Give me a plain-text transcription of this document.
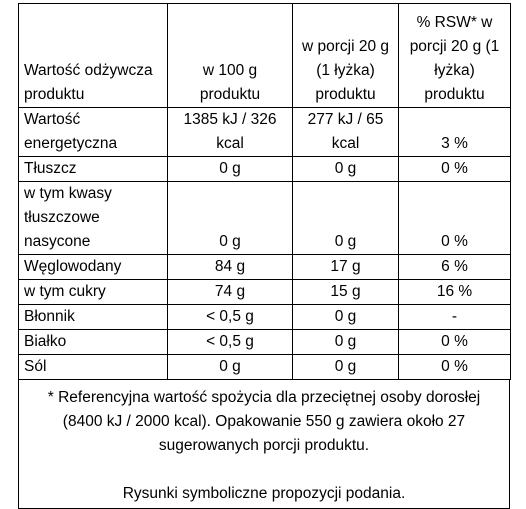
Wartość odżywcza produktu	w 100 g produktu	w porcji 20 g (1 łyżka) produktu	% RSW* w porcji 20 g (1 łyżka) produktu
Wartość energetyczna	1385 kJ / 326 kcal	277 kJ / 65 kcal	3 %
Tłuszcz	0 g	0 g	0 %
w tym kwasy tłuszczowe nasycone	0 g	0 g	0 %
Węglowodany	84 g	17 g	6 %
w tym cukry	74 g	15 g	16 %
Błonnik	< 0,5 g	0 g	-
Białko	< 0,5 g	0 g	0 %
Sól	0 g	0 g	0 %

* Referencyjna wartość spożycia dla przeciętnej osoby dorosłej (8400 kJ / 2000 kcal). Opakowanie 550 g zawiera około 27 sugerowanych porcji produktu.

Rysunki symboliczne propozycji podania.
